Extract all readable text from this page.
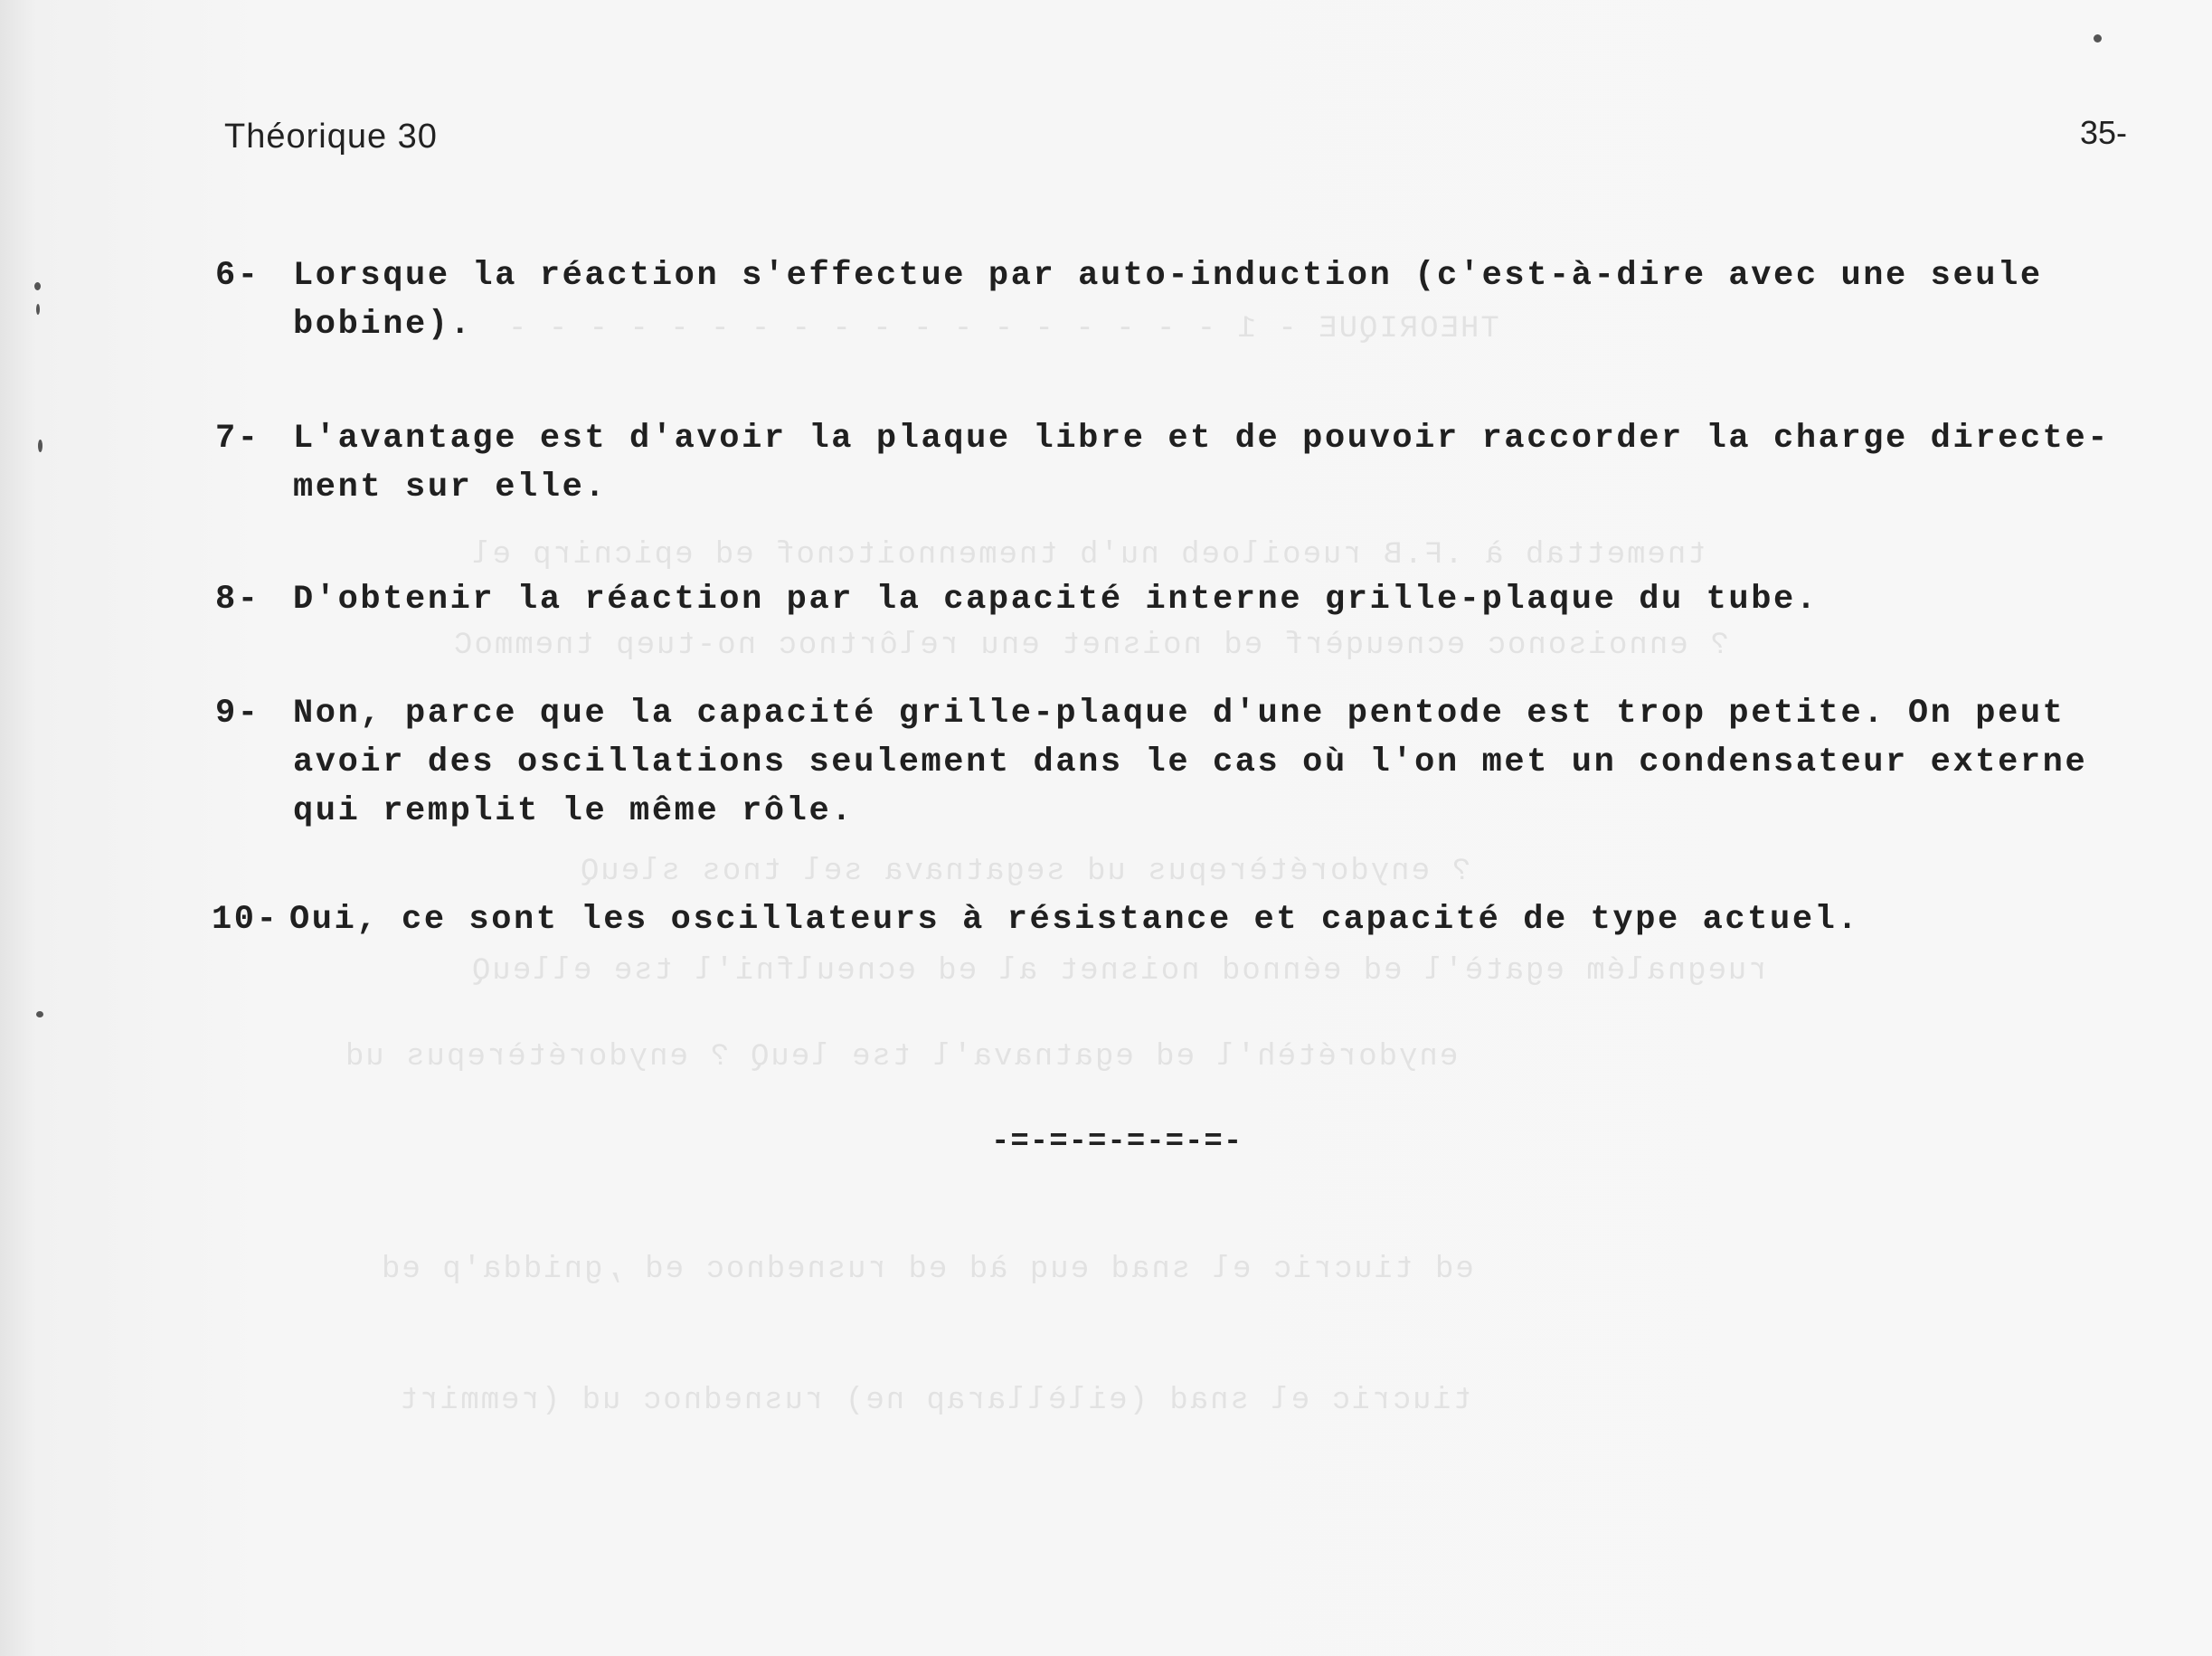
THEORIQUE - 1 - - - - - - - - - - - - - - - - - -
tnemettab à .F.B rueoiloeb nu'b tnemennoitcnof ed epicnirp el
? ennoisonoc ecneuqèrf ed noisnet enu relôrtnoc no-tuep tnemmoC
? enydorétèrepus ud segatnava sel tnos sleuQ
ruegnalém egatè'l ed eénnod noisnet al ed ecneulfni'l tse elleuQ
enydorétèh'l ed egatnava'l tse leuQ ? enydorétèrepus ud
ed tiucric el snad euq àd ed rusnednoc ed ,gnidda'p ed
tiucric el snad (eilèllarap ne) rusnednoc ud (remmirt
Théorique 30	35-
6- Lorsque la réaction s'effectue par auto-induction (c'est-à-dire avec une seule
bobine).
7- L'avantage est d'avoir la plaque libre et de pouvoir raccorder la charge directe-
ment sur elle.
8- D'obtenir la réaction par la capacité interne grille-plaque du tube.
9- Non, parce que la capacité grille-plaque d'une pentode est trop petite. On peut
avoir des oscillations seulement dans le cas où l'on met un condensateur externe
qui remplit le même rôle.
10- Oui, ce sont les oscillateurs à résistance et capacité de type actuel.
-=-=-=-=-=-=-
